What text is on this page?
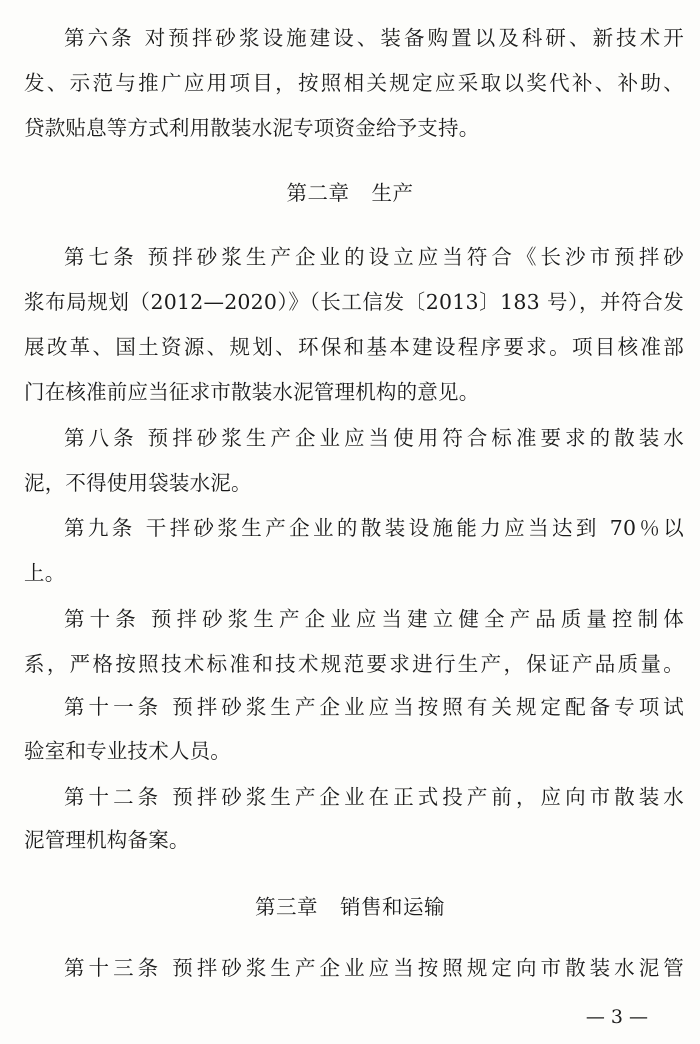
第六条 对预拌砂浆设施建设、装备购置以及科研、新技术开
发、示范与推广应用项目，按照相关规定应采取以奖代补、补助、
贷款贴息等方式利用散装水泥专项资金给予支持。
第二章 生产
第七条 预拌砂浆生产企业的设立应当符合《长沙市预拌砂
浆布局规划（2012—2020）》（长工信发〔2013〕183 号），并符合发
展改革、国土资源、规划、环保和基本建设程序要求。项目核准部
门在核准前应当征求市散装水泥管理机构的意见。
第八条 预拌砂浆生产企业应当使用符合标准要求的散装水
泥，不得使用袋装水泥。
第九条 干拌砂浆生产企业的散装设施能力应当达到 70％以
上。
第十条 预拌砂浆生产企业应当建立健全产品质量控制体
系，严格按照技术标准和技术规范要求进行生产，保证产品质量。
第十一条 预拌砂浆生产企业应当按照有关规定配备专项试
验室和专业技术人员。
第十二条 预拌砂浆生产企业在正式投产前，应向市散装水
泥管理机构备案。
第三章 销售和运输
第十三条 预拌砂浆生产企业应当按照规定向市散装水泥管
— 3 —
